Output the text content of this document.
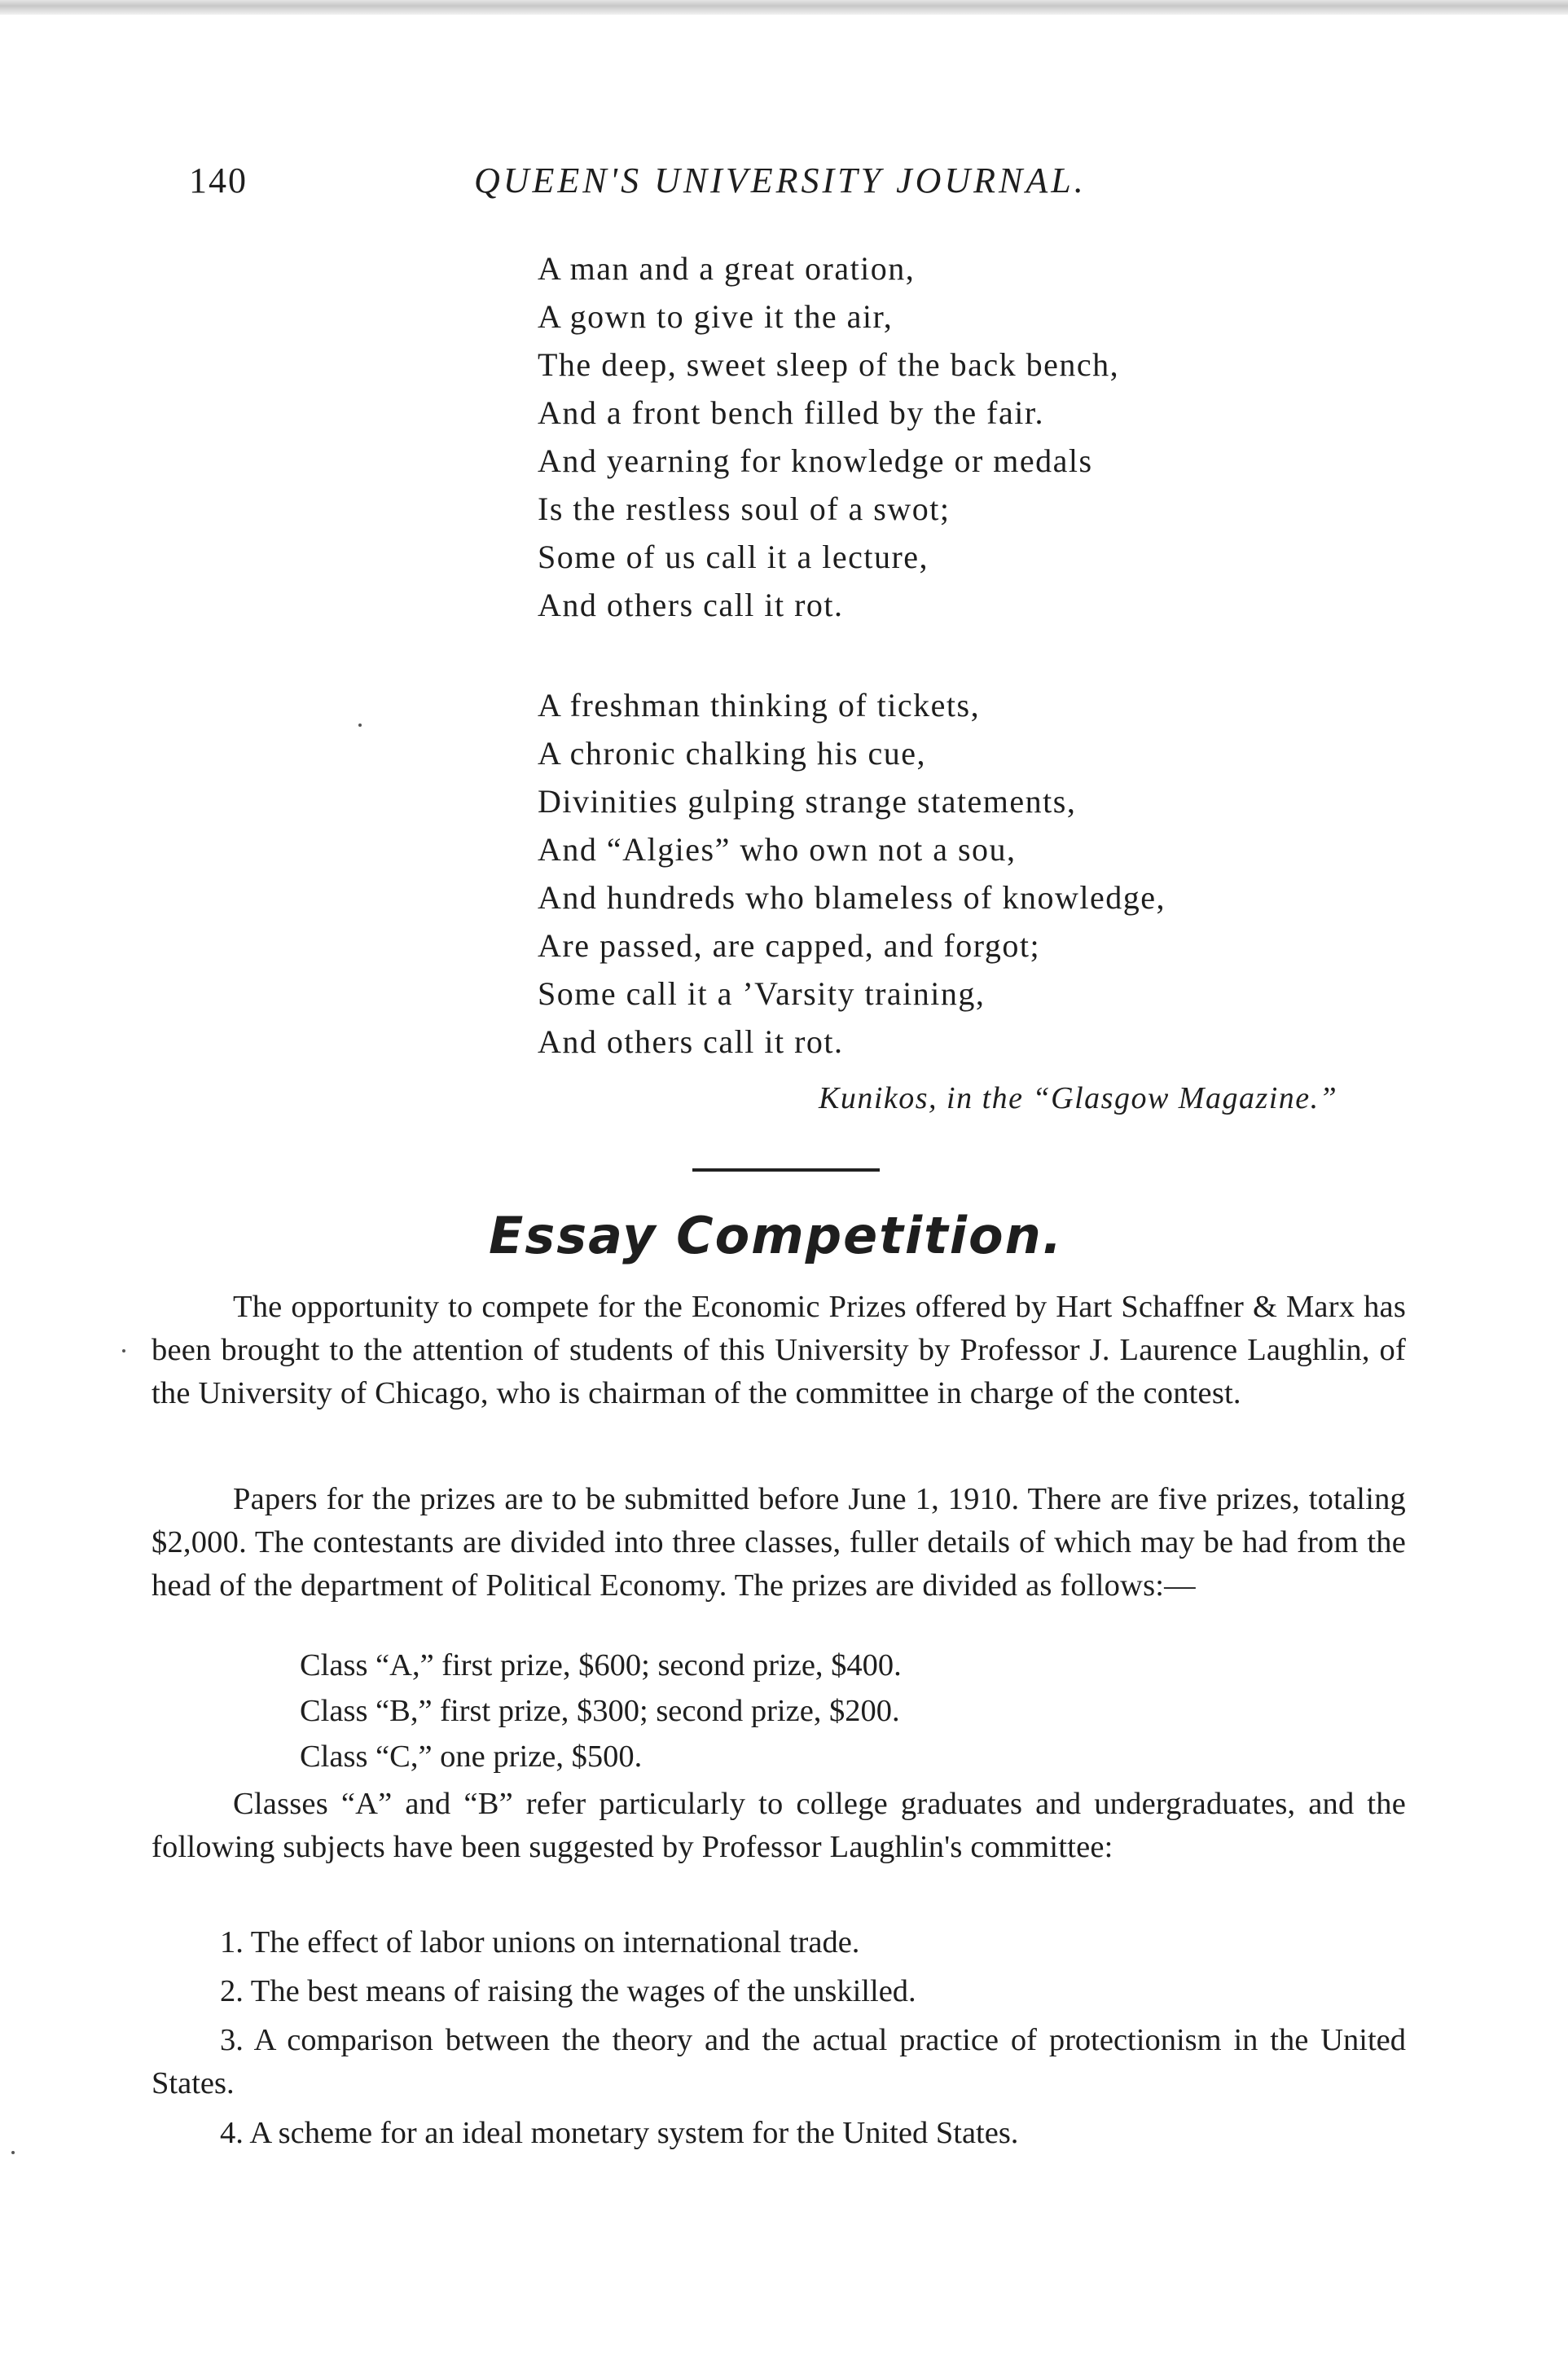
140	QUEEN'S UNIVERSITY JOURNAL.
A man and a great oration,
A gown to give it the air,
The deep, sweet sleep of the back bench,
And a front bench filled by the fair.
And yearning for knowledge or medals
Is the restless soul of a swot;
Some of us call it a lecture,
And others call it rot.
A freshman thinking of tickets,
A chronic chalking his cue,
Divinities gulping strange statements,
And “Algies” who own not a sou,
And hundreds who blameless of knowledge,
Are passed, are capped, and forgot;
Some call it a ’Varsity training,
And others call it rot.
Kunikos, in the “Glasgow Magazine.”
Essay Competition.
The opportunity to compete for the Economic Prizes offered by Hart Schaffner & Marx has been brought to the attention of students of this University by Professor J. Laurence Laughlin, of the University of Chicago, who is chairman of the committee in charge of the contest.
Papers for the prizes are to be submitted before June 1, 1910. There are five prizes, totaling $2,000. The contestants are divided into three classes, fuller details of which may be had from the head of the department of Political Economy. The prizes are divided as follows:—
Class “A,” first prize, $600; second prize, $400.
Class “B,” first prize, $300; second prize, $200.
Class “C,” one prize, $500.
Classes “A” and “B” refer particularly to college graduates and undergraduates, and the following subjects have been suggested by Professor Laughlin's committee:
1. The effect of labor unions on international trade.
2. The best means of raising the wages of the unskilled.
3. A comparison between the theory and the actual practice of protectionism in the United States.
4. A scheme for an ideal monetary system for the United States.
